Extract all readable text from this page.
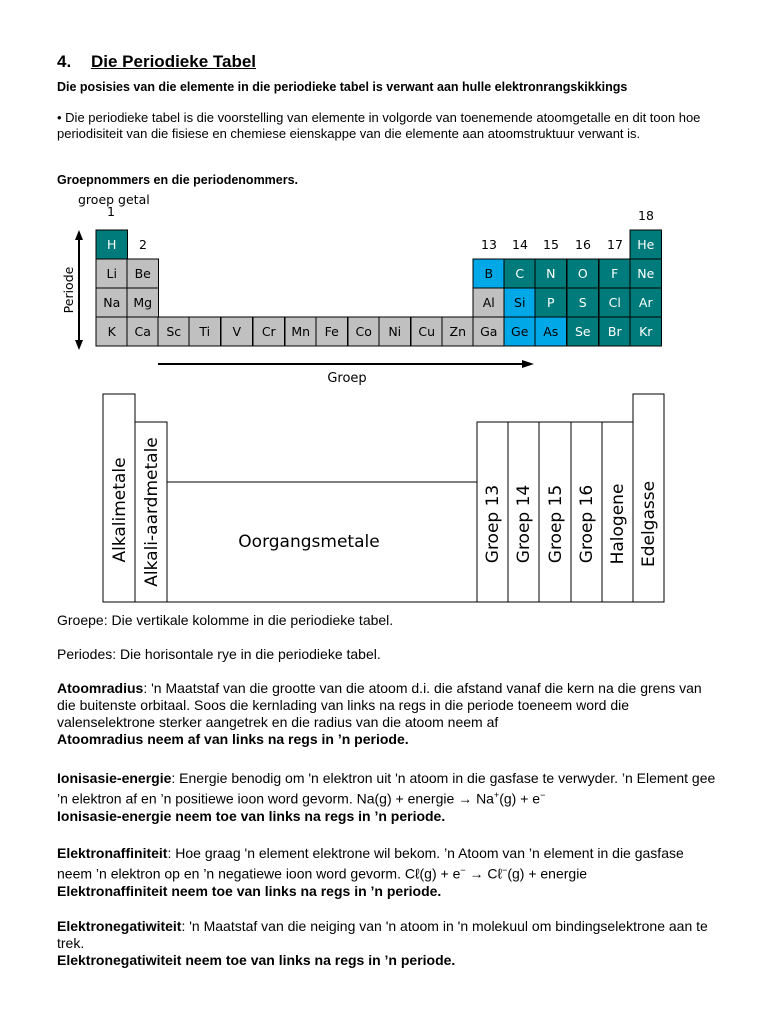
4. Die Periodieke Tabel
Die posisies van die elemente in die periodieke tabel is verwant aan hulle elektronrangskikkings
• Die periodieke tabel is die voorstelling van elemente in volgorde van toenemende atoomgetalle en dit toon hoe periodisiteit van die fisiese en chemiese eienskappe van die elemente aan atoomstruktuur verwant is.
Groepnommers en die periodenommers.
groep getal
Periode
Groep
1
2	13 14 15 16 17
18
H	He
Li Be	B C N O F Ne
Na Mg	Al Si P S Cl Ar
K Ca Sc Ti V Cr Mn Fe Co Ni Cu Zn Ga Ge As Se Br Kr
Alkalimetale Alkali-aardmetale	Oorgangsmetale	Groep 13 Groep 14 Groep 15 Groep 16 Halogene Edelgasse
Groepe: Die vertikale kolomme in die periodieke tabel.
Periodes: Die horisontale rye in die periodieke tabel.
Atoomradius: 'n Maatstaf van die grootte van die atoom d.i. die afstand vanaf die kern na die grens van die buitenste orbitaal. Soos die kernlading van links na regs in die periode toeneem word die valenselektrone sterker aangetrek en die radius van die atoom neem af
Atoomradius neem af van links na regs in ’n periode.
Ionisasie-energie: Energie benodig om 'n elektron uit 'n atoom in die gasfase te verwyder. ’n Element gee ’n elektron af en ’n positiewe ioon word gevorm. Na(g) + energie → Na+(g) + e−
Ionisasie-energie neem toe van links na regs in ’n periode.
Elektronaffiniteit: Hoe graag 'n element elektrone wil bekom. ’n Atoom van ’n element in die gasfase neem ’n elektron op en ’n negatiewe ioon word gevorm. Cℓ(g) + e− → Cℓ−(g) + energie
Elektronaffiniteit neem toe van links na regs in ’n periode.
Elektronegatiwiteit: 'n Maatstaf van die neiging van 'n atoom in 'n molekuul om bindingselektrone aan te trek.
Elektronegatiwiteit neem toe van links na regs in ’n periode.
